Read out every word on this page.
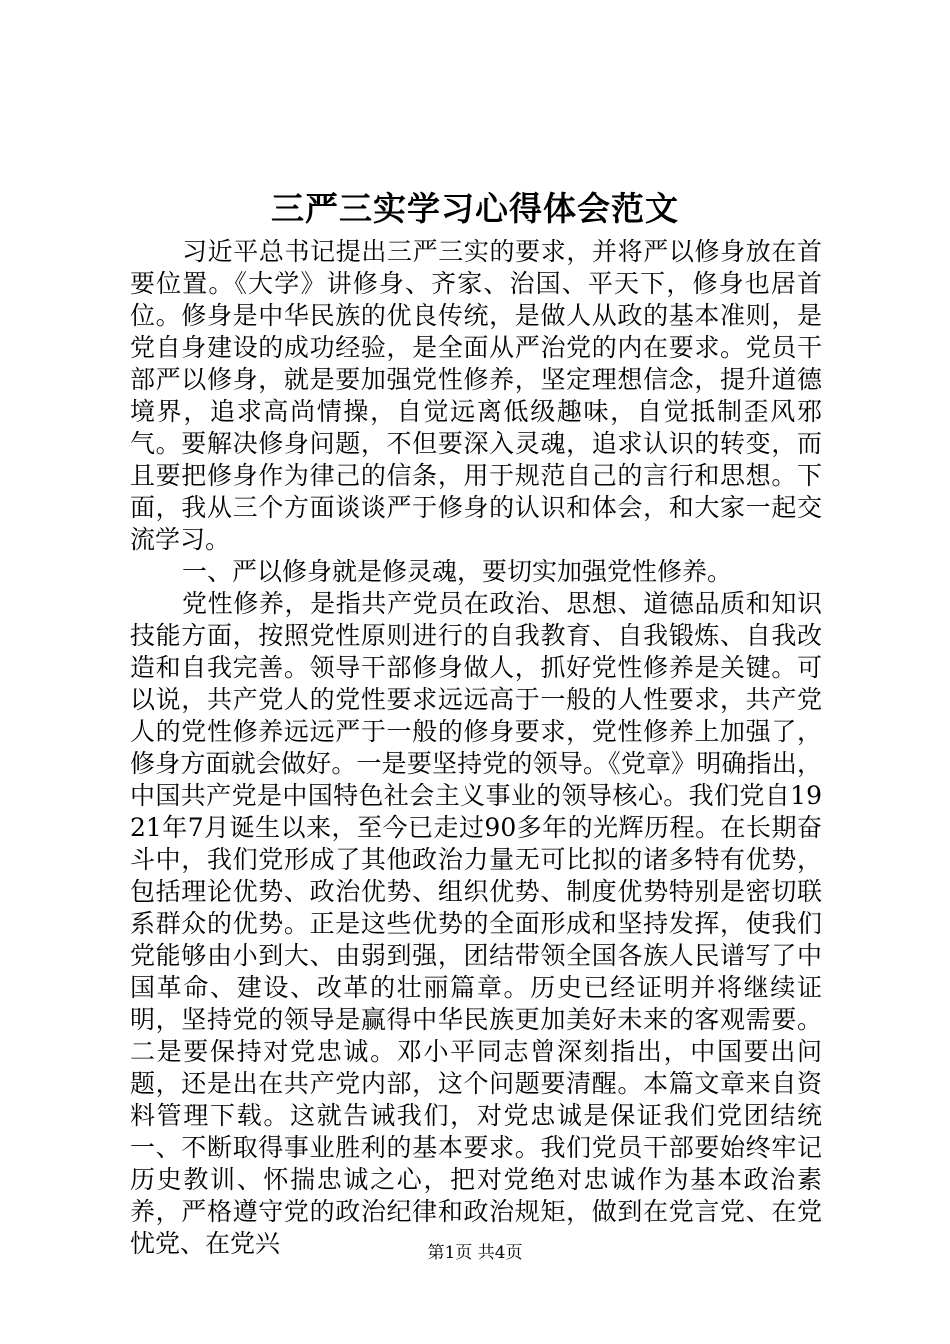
三严三实学习心得体会范文

习近平总书记提出三严三实的要求，并将严以修身放在首要位置。《大学》讲修身、齐家、治国、平天下，修身也居首位。修身是中华民族的优良传统，是做人从政的基本准则，是党自身建设的成功经验，是全面从严治党的内在要求。党员干部严以修身，就是要加强党性修养，坚定理想信念，提升道德境界，追求高尚情操，自觉远离低级趣味，自觉抵制歪风邪气。要解决修身问题，不但要深入灵魂，追求认识的转变，而且要把修身作为律己的信条，用于规范自己的言行和思想。下面，我从三个方面谈谈严于修身的认识和体会，和大家一起交流学习。

一、严以修身就是修灵魂，要切实加强党性修养。

党性修养，是指共产党员在政治、思想、道德品质和知识技能方面，按照党性原则进行的自我教育、自我锻炼、自我改造和自我完善。领导干部修身做人，抓好党性修养是关键。可以说，共产党人的党性要求远远高于一般的人性要求，共产党人的党性修养远远严于一般的修身要求，党性修养上加强了，修身方面就会做好。一是要坚持党的领导。《党章》明确指出，中国共产党是中国特色社会主义事业的领导核心。我们党自1921年7月诞生以来，至今已走过90多年的光辉历程。在长期奋斗中，我们党形成了其他政治力量无可比拟的诸多特有优势，包括理论优势、政治优势、组织优势、制度优势特别是密切联系群众的优势。正是这些优势的全面形成和坚持发挥，使我们党能够由小到大、由弱到强，团结带领全国各族人民谱写了中国革命、建设、改革的壮丽篇章。历史已经证明并将继续证明，坚持党的领导是赢得中华民族更加美好未来的客观需要。二是要保持对党忠诚。邓小平同志曾深刻指出，中国要出问题，还是出在共产党内部，这个问题要清醒。本篇文章来自资料管理下载。这就告诫我们，对党忠诚是保证我们党团结统一、不断取得事业胜利的基本要求。我们党员干部要始终牢记历史教训、怀揣忠诚之心，把对党绝对忠诚作为基本政治素养，严格遵守党的政治纪律和政治规矩，做到在党言党、在党忧党、在党兴	第1页 共4页
